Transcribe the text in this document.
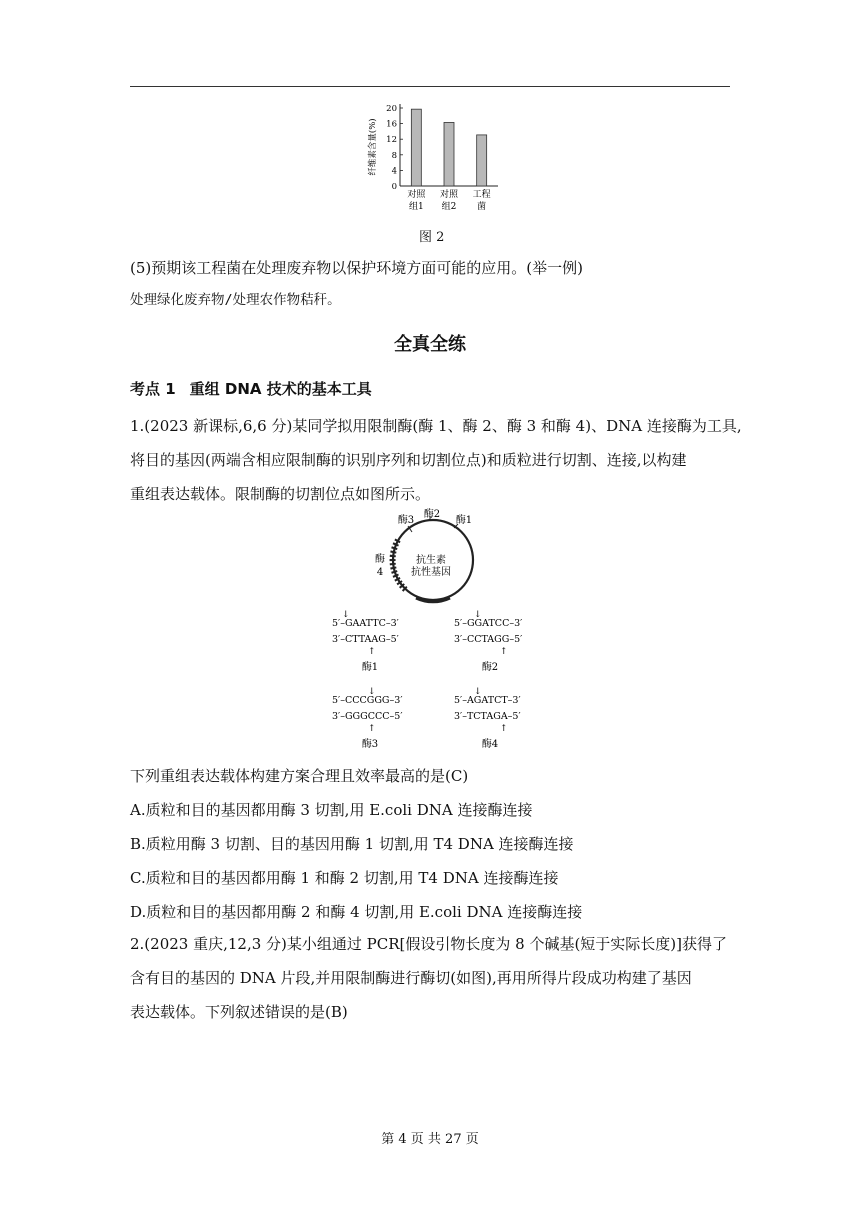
0
4
8
12
16
20
纤维素含量(%)
对照
组1
对照
组2
工程
菌
图 2
(5)预期该工程菌在处理废弃物以保护环境方面可能的应用。(举一例)
处理绿化废弃物/处理农作物秸秆。
全真全练
考点 1 重组 DNA 技术的基本工具
1.(2023 新课标,6,6 分)某同学拟用限制酶(酶 1、酶 2、酶 3 和酶 4)、DNA 连接酶为工具,
将目的基因(两端含相应限制酶的识别序列和切割位点)和质粒进行切割、连接,以构建
重组表达载体。限制酶的切割位点如图所示。
酶3
酶2
酶1
酶
4
抗生素
抗性基因
↓
5′–GAATTC–3′
3′–CTTAAG–5′
↑
酶1
↓
5′–GGATCC–3′
3′–CCTAGG–5′
↑
酶2
↓
5′–CCCGGG–3′
3′–GGGCCC–5′
↑
酶3
↓
5′–AGATCT–3′
3′–TCTAGA–5′
↑
酶4
下列重组表达载体构建方案合理且效率最高的是(C)
A.质粒和目的基因都用酶 3 切割,用 E.coli DNA 连接酶连接
B.质粒用酶 3 切割、目的基因用酶 1 切割,用 T4 DNA 连接酶连接
C.质粒和目的基因都用酶 1 和酶 2 切割,用 T4 DNA 连接酶连接
D.质粒和目的基因都用酶 2 和酶 4 切割,用 E.coli DNA 连接酶连接
2.(2023 重庆,12,3 分)某小组通过 PCR[假设引物长度为 8 个碱基(短于实际长度)]获得了
含有目的基因的 DNA 片段,并用限制酶进行酶切(如图),再用所得片段成功构建了基因
表达载体。下列叙述错误的是(B)
第 4 页 共 27 页
